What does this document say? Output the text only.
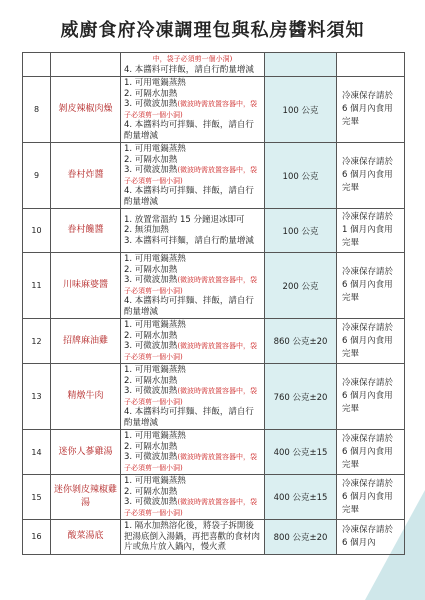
威廚食府冷凍調理包與私房醬料須知

		中，袋子必須剪一個小洞)
4. 本醬料可拌飯，請自行酌量增減		

8	剝皮辣椒肉燥	1. 可用電鍋蒸熱
2. 可隔水加熱
3. 可微波加熱(微波時需放置容器中，袋子必須剪一個小洞)
4. 本醬料均可拌麵、拌飯，請自行酌量增減	100 公克	冷凍保存請於 6 個月內食用完畢
9	眷村炸醬	1. 可用電鍋蒸熱
2. 可隔水加熱
3. 可微波加熱(微波時需放置容器中，袋子必須剪一個小洞)
4. 本醬料均可拌麵、拌飯，請自行酌量增減	100 公克	冷凍保存請於 6 個月內食用完畢
10	眷村饞醬	1. 放置常溫約 15 分鐘退冰即可
2. 無須加熱
3. 本醬料可拌麵，請自行酌量增減	100 公克	冷凍保存請於 1 個月內食用完畢
11	川味麻婆醬	1. 可用電鍋蒸熱
2. 可隔水加熱
3. 可微波加熱(微波時需放置容器中，袋子必須剪一個小洞)
4. 本醬料均可拌麵、拌飯，請自行酌量增減	200 公克	冷凍保存請於 6 個月內食用完畢
12	招牌麻油雞	1. 可用電鍋蒸熱
2. 可隔水加熱
3. 可微波加熱(微波時需放置容器中，袋子必須剪一個小洞)	860 公克±20	冷凍保存請於 6 個月內食用完畢
13	精燉牛肉	1. 可用電鍋蒸熱
2. 可隔水加熱
3. 可微波加熱(微波時需放置容器中，袋子必須剪一個小洞)
4. 本醬料均可拌麵、拌飯，請自行酌量增減	760 公克±20	冷凍保存請於 6 個月內食用完畢
14	迷你人蔘雞湯	1. 可用電鍋蒸熱
2. 可隔水加熱
3. 可微波加熱(微波時需放置容器中，袋子必須剪一個小洞)	400 公克±15	冷凍保存請於 6 個月內食用完畢
15	迷你剝皮辣椒雞湯	1. 可用電鍋蒸熱
2. 可隔水加熱
3. 可微波加熱(微波時需放置容器中，袋子必須剪一個小洞)	400 公克±15	冷凍保存請於 6 個月內食用完畢
16	酸菜湯底	1. 隔水加熱溶化後，將袋子拆開後把湯底倒入湯鍋，再把喜歡的食材肉片或魚片放入鍋內，慢火煮	800 公克±20	冷凍保存請於 6 個月內
